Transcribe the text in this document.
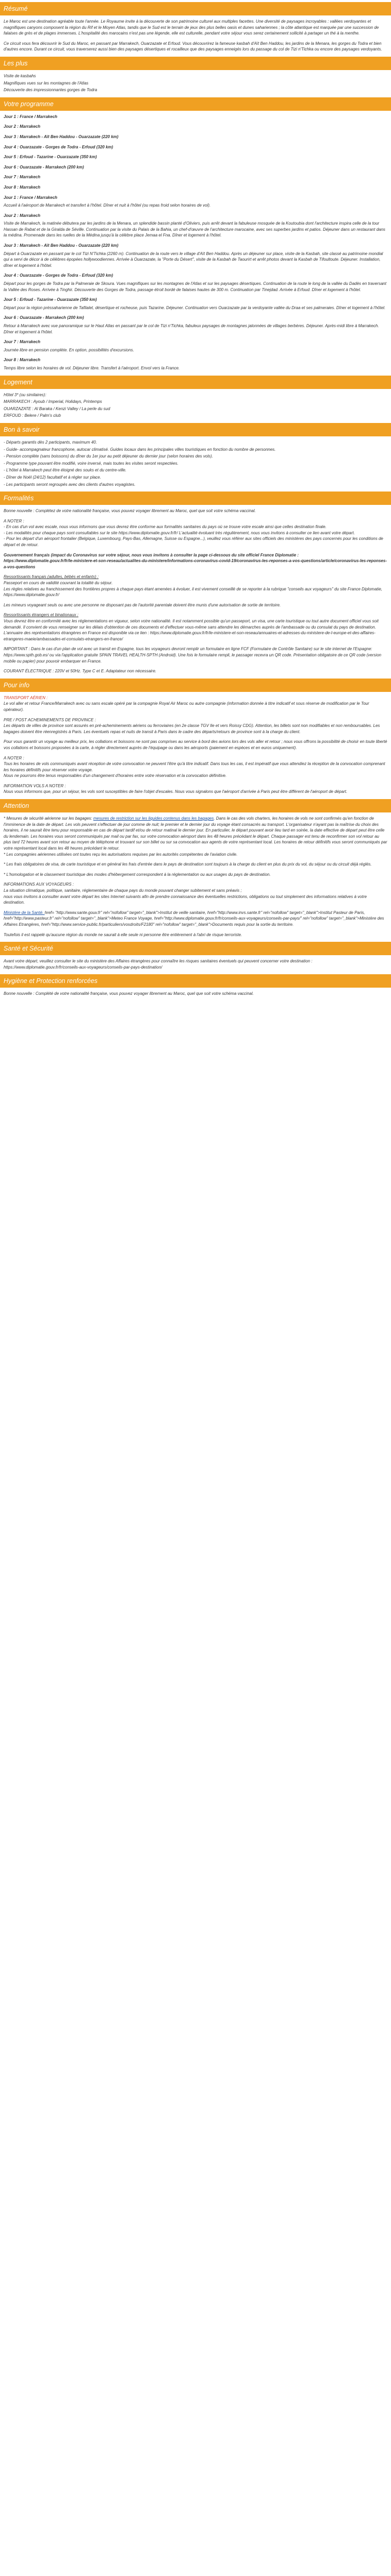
Résumé

Le Maroc est une destination agréable toute l'année. Le Royaume invite à la découverte de son patrimoine culturel aux multiples facettes. Une diversité de paysages incroyables : vallées verdoyantes et magnifiques canyons composent la région du Rif et le Moyen Atlas, tandis que le Sud est le terrain de jeux des plus belles oasis et dunes sahariennes ; la côte atlantique est marquée par une succession de falaises de grès et de plages immenses. L'hospitalité des marocains n'est pas une légende, elle est culturelle, pendant votre séjour vous serez certainement sollicité à partager un thé à la menthe.

Ce circuit vous fera découvrir le Sud du Maroc, en passant par Marrakech, Ouarzazate et Erfoud. Vous découvrirez la fameuse kasbah d'Aït Ben Haddou, les jardins de la Menara, les gorges du Todra et bien d'autres encore. Durant ce circuit, vous traverserez aussi bien des paysages désertiques et rocailleux que des paysages enneigés lors du passage du col de Tizi n'Tichka ou encore des paysages verdoyants.

Les plus
Visite de kasbahs
Magnifiques vues sur les montagnes de l'Atlas
Découverte des impressionnantes gorges de Todra
Votre programme
Jour 1 : France / Marrakech
Jour 2 : Marrakech
Jour 3 : Marrakech - Aït Ben Haddou - Ouarzazate (220 km)
Jour 4 : Ouarzazate - Gorges de Todra - Erfoud (320 km)
Jour 5 : Erfoud - Tazarine - Ouarzazate (350 km)
Jour 6 : Ouarzazate - Marrakech (200 km)
Jour 7 : Marrakech
Jour 8 : Marrakech
Jour 1 : France / Marrakech
Accueil à l'aéroport de Marrakech et transfert à l'hôtel. Dîner et nuit à l'hôtel (ou repas froid selon horaires de vol).
Jour 2 : Marrakech
Visite de Marrakech, la matinée débutera par les jardins de la Menara, un splendide bassin planté d'Oliviers, puis arrêt devant la fabuleuse mosquée de la Koutoubia dont l'architecture inspira celle de la tour Hassan de Rabat et de la Giralda de Séville. Continuation par la visite du Palais de la Bahia, un chef-d'œuvre de l'architecture marocaine, avec ses superbes jardins et patios. Déjeuner dans un restaurant dans la médina. Promenade dans les ruelles de la Médina jusqu'à la célèbre place Jemaa el Fna. Dîner et logement à l'hôtel.
Jour 3 : Marrakech - Aït Ben Haddou - Ouarzazate (220 km)
Départ à Ouarzazate en passant par le col Tizi N'Tichka (2260 m). Continuation de la route vers le village d'Aït Ben Haddou. Après un déjeuner sur place, visite de la Kasbah, site classé au patrimoine mondial qui a servi de décor à de célèbres épopées hollywoodiennes. Arrivée à Ouarzazate, la "Porte du Désert", visite de la Kasbah de Taourirt et arrêt photos devant la Kasbah de Tifoultoute. Déjeuner. Installation, dîner et logement à l'hôtel.
Jour 4 : Ouarzazate - Gorges de Todra - Erfoud (320 km)
Départ pour les gorges de Todra par la Palmeraie de Skoura. Vues magnifiques sur les montagnes de l'Atlas et sur les paysages désertiques. Continuation de la route le long de la vallée du Dadès en traversant la Vallée des Roses. Arrivée à Tinghir. Découverte des Gorges de Todra, passage étroit bordé de falaises hautes de 300 m. Continuation par Tinejdad. Arrivée à Erfoud. Dîner et logement à l'hôtel.
Jour 5 : Erfoud - Tazarine - Ouarzazate (350 km)
Départ pour la région préssaharienne de Tafilalet, désertique et rocheuse, puis Tazarine. Déjeuner. Continuation vers Ouarzazate par la verdoyante vallée du Draa et ses palmeraies. Dîner et logement à l'hôtel.
Jour 6 : Ouarzazate - Marrakech (200 km)
Retour à Marrakech avec vue panoramique sur le Haut Atlas en passant par le col de Tizi n'Tichka, fabuleux paysages de montagnes jalonnées de villages berbères. Déjeuner. Après-midi libre à Marrakech. Dîner et logement à l'hôtel.
Jour 7 : Marrakech
Journée libre en pension complète. En option, possibilités d'excursions.
Jour 8 : Marrakech
Temps libre selon les horaires de vol. Déjeuner libre. Transfert à l'aéroport. Envol vers la France.
Logement
Hôtel 3* (ou similaires):
MARRAKECH : Ayoub / Imperial, Holidays, Printemps
OUARZAZATE : Al Baraka / Kenzi Valley / La perle du sud
ERFOUD : Belere / Palm's club
Bon à savoir
- Départs garantis dès 2 participants, maximum 40.
- Guide- accompagnateur francophone, autocar climatisé. Guides locaux dans les principales villes touristiques en fonction du nombre de personnes.
- Pension complète (sans boissons) du dîner du 1er jour au petit déjeuner du dernier jour (selon horaires des vols).
- Programme type pouvant être modifié, voire inversé, mais toutes les visites seront respectées.
- L'hôtel à Marrakech peut être éloigné des souks et du centre-ville.
- Dîner de Noël (24/12) facultatif et à régler sur place.
- Les participants seront regroupés avec des clients d'autres voyagistes.
Formalités

Bonne nouvelle : Complétez de votre nationalité française, vous pouvez voyager librement au Maroc, quel que soit votre schéma vaccinal.

A NOTER :

- En cas d'un vol avec escale, nous vous informons que vous devrez être conforme aux formalités sanitaires du pays où se trouve votre escale ainsi que celles destination finale.
- Les modalités pour chaque pays sont consultables sur le site https://www.diplomatie.gouv.fr/fr/ L'actualité évoluant très régulièrement, nous vous invitons à consulter ce lien avant votre départ.
- Pour les départ d'un aéroport frontalier (Belgique, Luxembourg, Pays-Bas, Allemagne, Suisse ou Espagne...), veuillez vous référer aux sites officiels des ministères des pays concernés pour les conditions de départ et de retour.

Gouvernement français (impact du Coronavirus sur votre séjour, nous vous invitons à consulter la page ci-dessous du site officiel France Diplomatie :

https://www.diplomatie.gouv.fr/fr/le-ministere-et-son-reseau/actualites-du-ministere/informations-coronavirus-covid-19/coronavirus-les-reponses-a-vos-questions/article/coronavirus-les-reponses-a-vos-questions

Ressortissants français (adultes, bébés et enfants) :

Passeport en cours de validité couvrant la totalité du séjour.
Les règles relatives au franchissement des frontières propres à chaque pays étant amenées à évoluer, il est vivement conseillé de se reporter à la rubrique "conseils aux voyageurs" du site France Diplomatie, https://www.diplomatie.gouv.fr/

Les mineurs voyageant seuls ou avec une personne ne disposant pas de l'autorité parentale doivent être munis d'une autorisation de sortie de territoire.

Ressortissants étrangers et binationaux :

Vous devrez être en conformité avec les réglementations en vigueur, selon votre nationalité. Il est notamment possible qu'un passeport, un visa, une carte touristique ou tout autre document officiel vous soit demandé. Il convient de vous renseigner sur les délais d'obtention de ces documents et d'effectuer vous-même sans attendre les démarches auprès de l'ambassade ou du consulat du pays de destination.
L'annuaire des représentations étrangères en France est disponible via ce lien : https://www.diplomatie.gouv.fr/fr/le-ministere-et-son-reseau/annuaires-et-adresses-du-ministere-de-l-europe-et-des-affaires-etrangeres-maeie/ambassades-et-consulats-etrangers-en-france/

IMPORTANT : Dans le cas d'un plan de vol avec un transit en Espagne, tous les voyageurs devront remplir un formulaire en ligne FCF (Formulaire de Contrôle Sanitaire) sur le site internet de l'Espagne: https://www.spth.gob.es/ ou via l'application gratuite SPAIN TRAVEL HEALTH-SPTH (Android). Une fois le formulaire rempli, le passager recevra un QR code. Présentation obligatoire de ce QR code (version mobile ou papier) pour pouvoir embarquer en France.

COURANT ÉLECTRIQUE : 220V et 50Hz. Type C et E. Adaptateur non nécessaire.

Pour info

TRANSPORT AÉRIEN :

Le vol aller et retour France/Marrakech avec ou sans escale opéré par la compagnie Royal Air Maroc ou autre compagnie (information donnée à titre indicatif et sous réserve de modification par le Tour opérateur).

PRE / POST ACHEMINEMENTS DE PROVINCE :

Les départs de villes de province sont assurés en pré-acheminements aériens ou ferroviaires (en 2e classe TGV Ile et vers Roissy CDG). Attention, les billets sont non modifiables et non remboursables. Les bagages doivent être réenregistrés à Paris. Les éventuels repas et nuits de transit à Paris dans le cadre des départs/retours de province sont à la charge du client.

Pour vous garantir un voyage au meilleur prix, les collations et boissons ne sont pas comprises au service à bord des avions lors des vols aller et retour ; nous vous offrons la possibilité de choisir en toute liberté vos collations et boissons proposées à la carte, à régler directement auprès de l'équipage ou dans les aéroports (paiement en espèces et en euros uniquement).

A NOTER :

Tous les horaires de vols communiqués avant réception de votre convocation ne peuvent l'être qu'à titre indicatif. Dans tous les cas, il est impératif que vous attendiez la réception de la convocation comprenant les horaires définitifs pour réserver votre voyage.
Nous ne pourrons être tenus responsables d'un changement d'horaires entre votre réservation et la convocation définitive.

INFORMATION VOLS A NOTER :

Nous vous informons que, pour un séjour, les vols sont susceptibles de faire l'objet d'escales. Nous vous signalons que l'aéroport d'arrivée à Paris peut être différent de l'aéroport de départ.

Attention
* Mesures de sécurité aérienne sur les bagages: mesures de restriction sur les liquides contenus dans les bagages. Dans le cas des vols charters, les horaires de vols ne sont confirmés qu'en fonction de l'imminence de la date de départ. Les vols peuvent s'effectuer de jour comme de nuit; le premier et le dernier jour du voyage étant consacrés au transport. L'organisateur n'ayant pas la maîtrise du choix des horaires, il ne saurait être tenu pour responsable en cas de départ tardif et/ou de retour matinal le dernier jour. En particulier, le départ pouvant avoir lieu tard en soirée, la date effective de départ peut être celle du lendemain. Les horaires vous seront communiqués par mail ou par fax, sur votre convocation aéroport dans les 48 heures précédant le départ. Chaque passager est tenu de reconfirmer son vol retour au plus tard 72 heures avant son retour au moyen de téléphone et trouvant sur son billet ou sur sa convocation aux agents de votre représentant local. Les horaires de retour définitifs vous seront communiqués par votre représentant local dans les 48 heures précédant le retour.
* Les compagnies aériennes utilisées ont toutes reçu les autorisations requises par les autorités compétentes de l'aviation civile.

* Les frais obligatoires de visa, de carte touristique et en général les frais d'entrée dans le pays de destination sont toujours à la charge du client en plus du prix du vol, du séjour ou du circuit déjà réglés.

* L'homologation et le classement touristique des modes d'hébergement correspondent à la réglementation ou aux usages du pays de destination.

INFORMATIONS AUX VOYAGEURS :

La situation climatique, politique, sanitaire, réglementaire de chaque pays du monde pouvant changer subitement et sans préavis ;
nous vous invitons à consulter avant votre départ les sites Internet suivants afin de prendre connaissance des éventuelles restrictions, obligations ou tout simplement des informations relatives à votre destination.

Ministère de la Santé. href= "http://www.sante.gouv.fr" rel="nofollow" target="_blank">Institut de veille sanitaire, href="http://www.invs.sante.fr" rel="nofollow" target="_blank">Institut Pasteur de Paris, href="http://www.pasteur.fr" rel="nofollow" target="_blank">Meteo France Voyage, href="http://www.diplomatie.gouv.fr/fr/conseils-aux-voyageurs/conseils-par-pays/" rel="nofollow" target="_blank">Ministère des Affaires Etrangères, href="http://www.service-public.fr/particuliers/vosdroits/F2180" rel="nofollow" target="_blank">Documents requis pour la sortie du territoire.

Toutefois il est rappelé qu'aucune région du monde ne saurait à elle seule ni personne être entièrement à l'abri de risque terroriste.

Santé et Sécurité

Avant votre départ, veuillez consulter le site du ministère des Affaires étrangères pour connaître les risques sanitaires éventuels qui peuvent concerner votre destination : https://www.diplomatie.gouv.fr/fr/conseils-aux-voyageurs/conseils-par-pays-destination/

Hygiène et Protection renforcées

Bonne nouvelle : Complété de votre nationalité française, vous pouvez voyager librement au Maroc, quel que soit votre schéma vaccinal.
